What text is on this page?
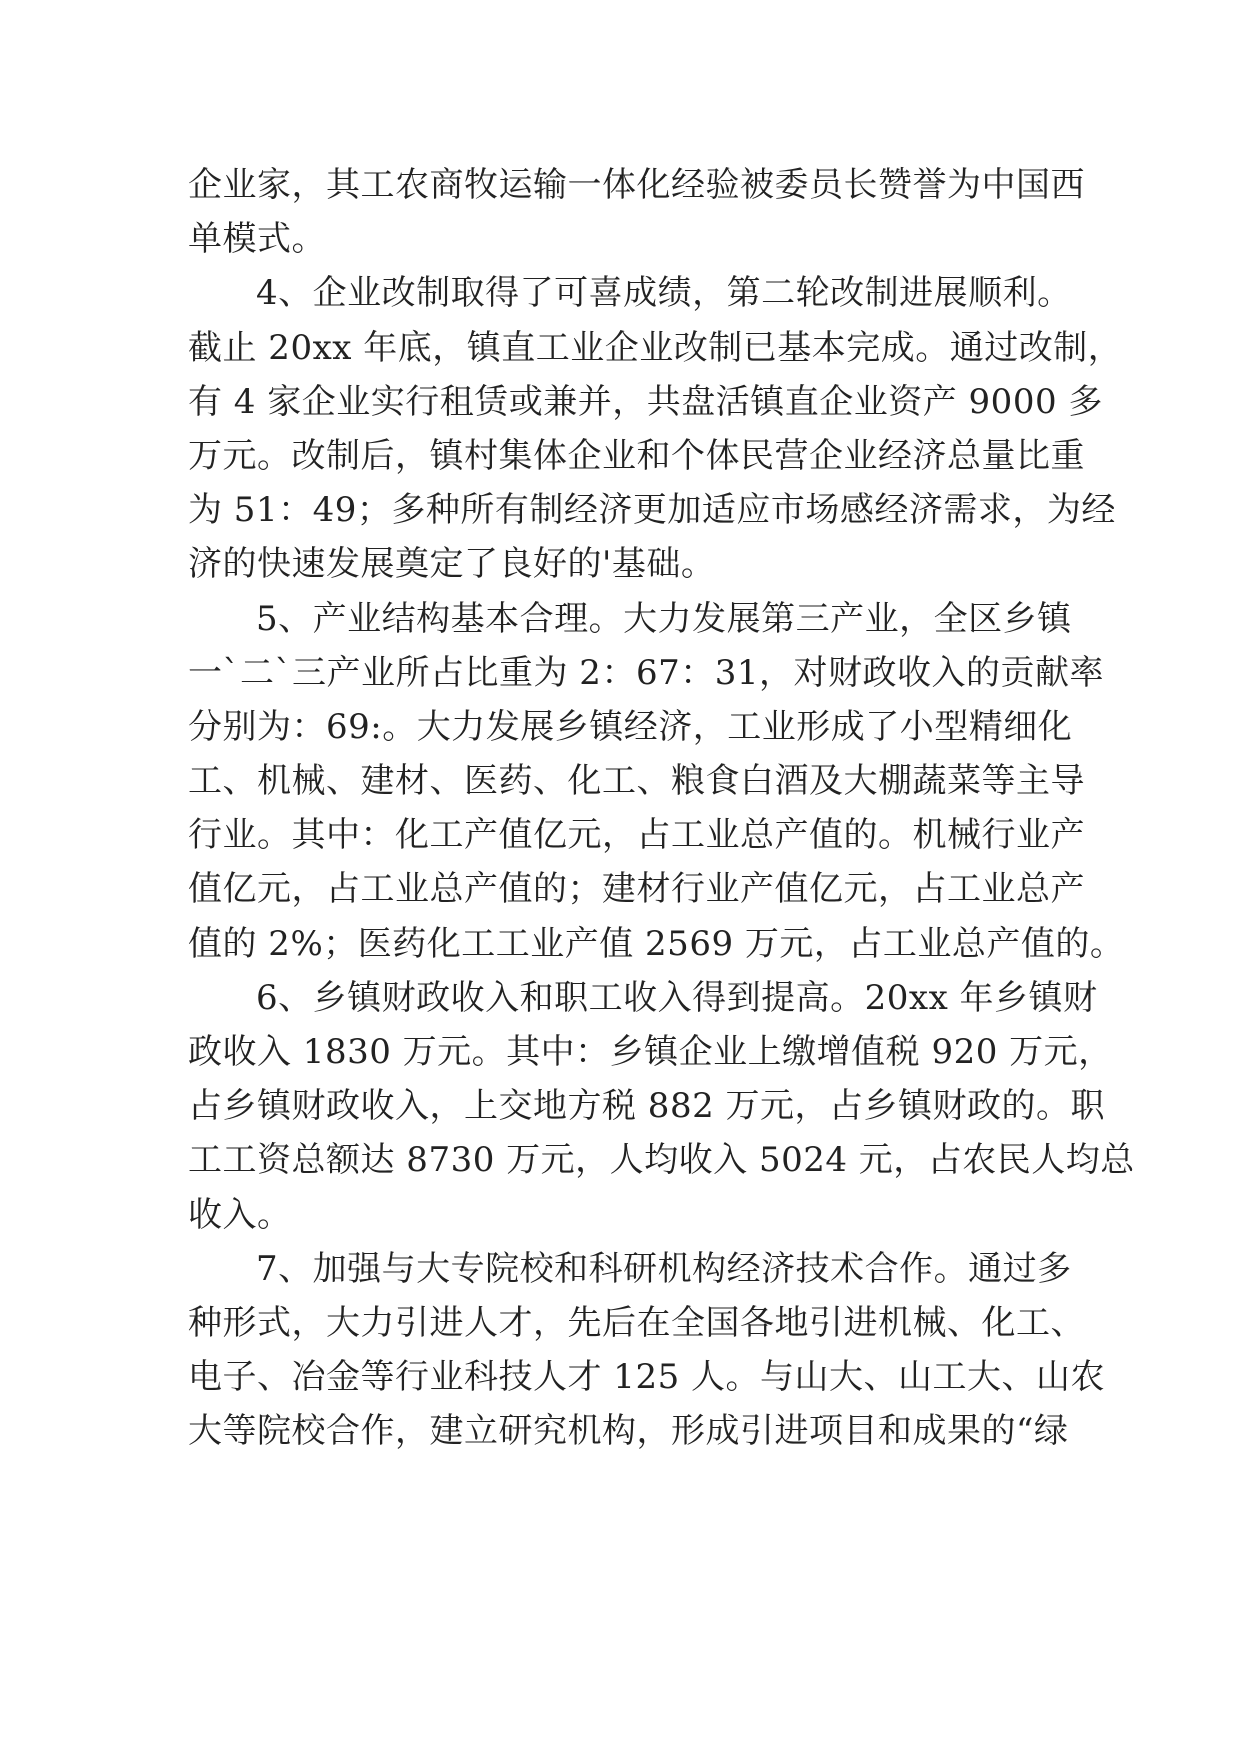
企业家，其工农商牧运输一体化经验被委员长赞誉为中国西
单模式。
4、企业改制取得了可喜成绩，第二轮改制进展顺利。
截止 20xx 年底，镇直工业企业改制已基本完成。通过改制，
有 4 家企业实行租赁或兼并，共盘活镇直企业资产 9000 多
万元。改制后，镇村集体企业和个体民营企业经济总量比重
为 51：49；多种所有制经济更加适应市场感经济需求，为经
济的快速发展奠定了良好的'基础。
5、产业结构基本合理。大力发展第三产业，全区乡镇
一`二`三产业所占比重为 2：67：31，对财政收入的贡献率
分别为：69:。大力发展乡镇经济，工业形成了小型精细化
工、机械、建材、医药、化工、粮食白酒及大棚蔬菜等主导
行业。其中：化工产值亿元，占工业总产值的。机械行业产
值亿元，占工业总产值的；建材行业产值亿元，占工业总产
值的 2%；医药化工工业产值 2569 万元，占工业总产值的。
6、乡镇财政收入和职工收入得到提高。20xx 年乡镇财
政收入 1830 万元。其中：乡镇企业上缴增值税 920 万元，
占乡镇财政收入，上交地方税 882 万元，占乡镇财政的。职
工工资总额达 8730 万元，人均收入 5024 元，占农民人均总
收入。
7、加强与大专院校和科研机构经济技术合作。通过多
种形式，大力引进人才，先后在全国各地引进机械、化工、
电子、冶金等行业科技人才 125 人。与山大、山工大、山农
大等院校合作，建立研究机构，形成引进项目和成果的“绿
